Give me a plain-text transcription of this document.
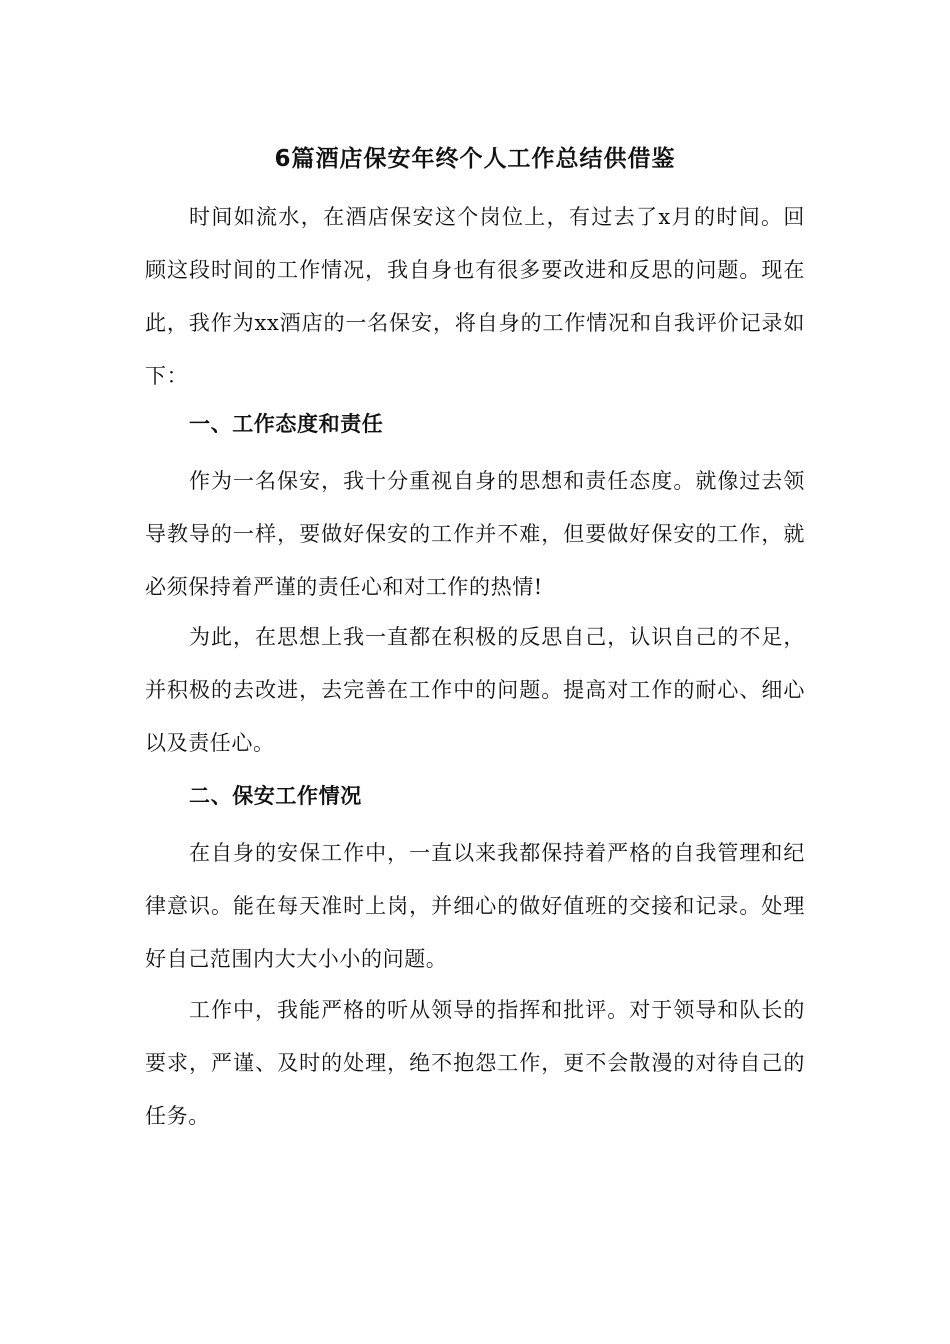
6篇酒店保安年终个人工作总结供借鉴

时间如流水，在酒店保安这个岗位上，有过去了x月的时间。回顾这段时间的工作情况，我自身也有很多要改进和反思的问题。现在此，我作为xx酒店的一名保安，将自身的工作情况和自我评价记录如下：

一、工作态度和责任

作为一名保安，我十分重视自身的思想和责任态度。就像过去领导教导的一样，要做好保安的工作并不难，但要做好保安的工作，就必须保持着严谨的责任心和对工作的热情!

为此，在思想上我一直都在积极的反思自己，认识自己的不足，并积极的去改进，去完善在工作中的问题。提高对工作的耐心、细心以及责任心。

二、保安工作情况

在自身的安保工作中，一直以来我都保持着严格的自我管理和纪律意识。能在每天准时上岗，并细心的做好值班的交接和记录。处理好自己范围内大大小小的问题。

工作中，我能严格的听从领导的指挥和批评。对于领导和队长的要求，严谨、及时的处理，绝不抱怨工作，更不会散漫的对待自己的任务。
